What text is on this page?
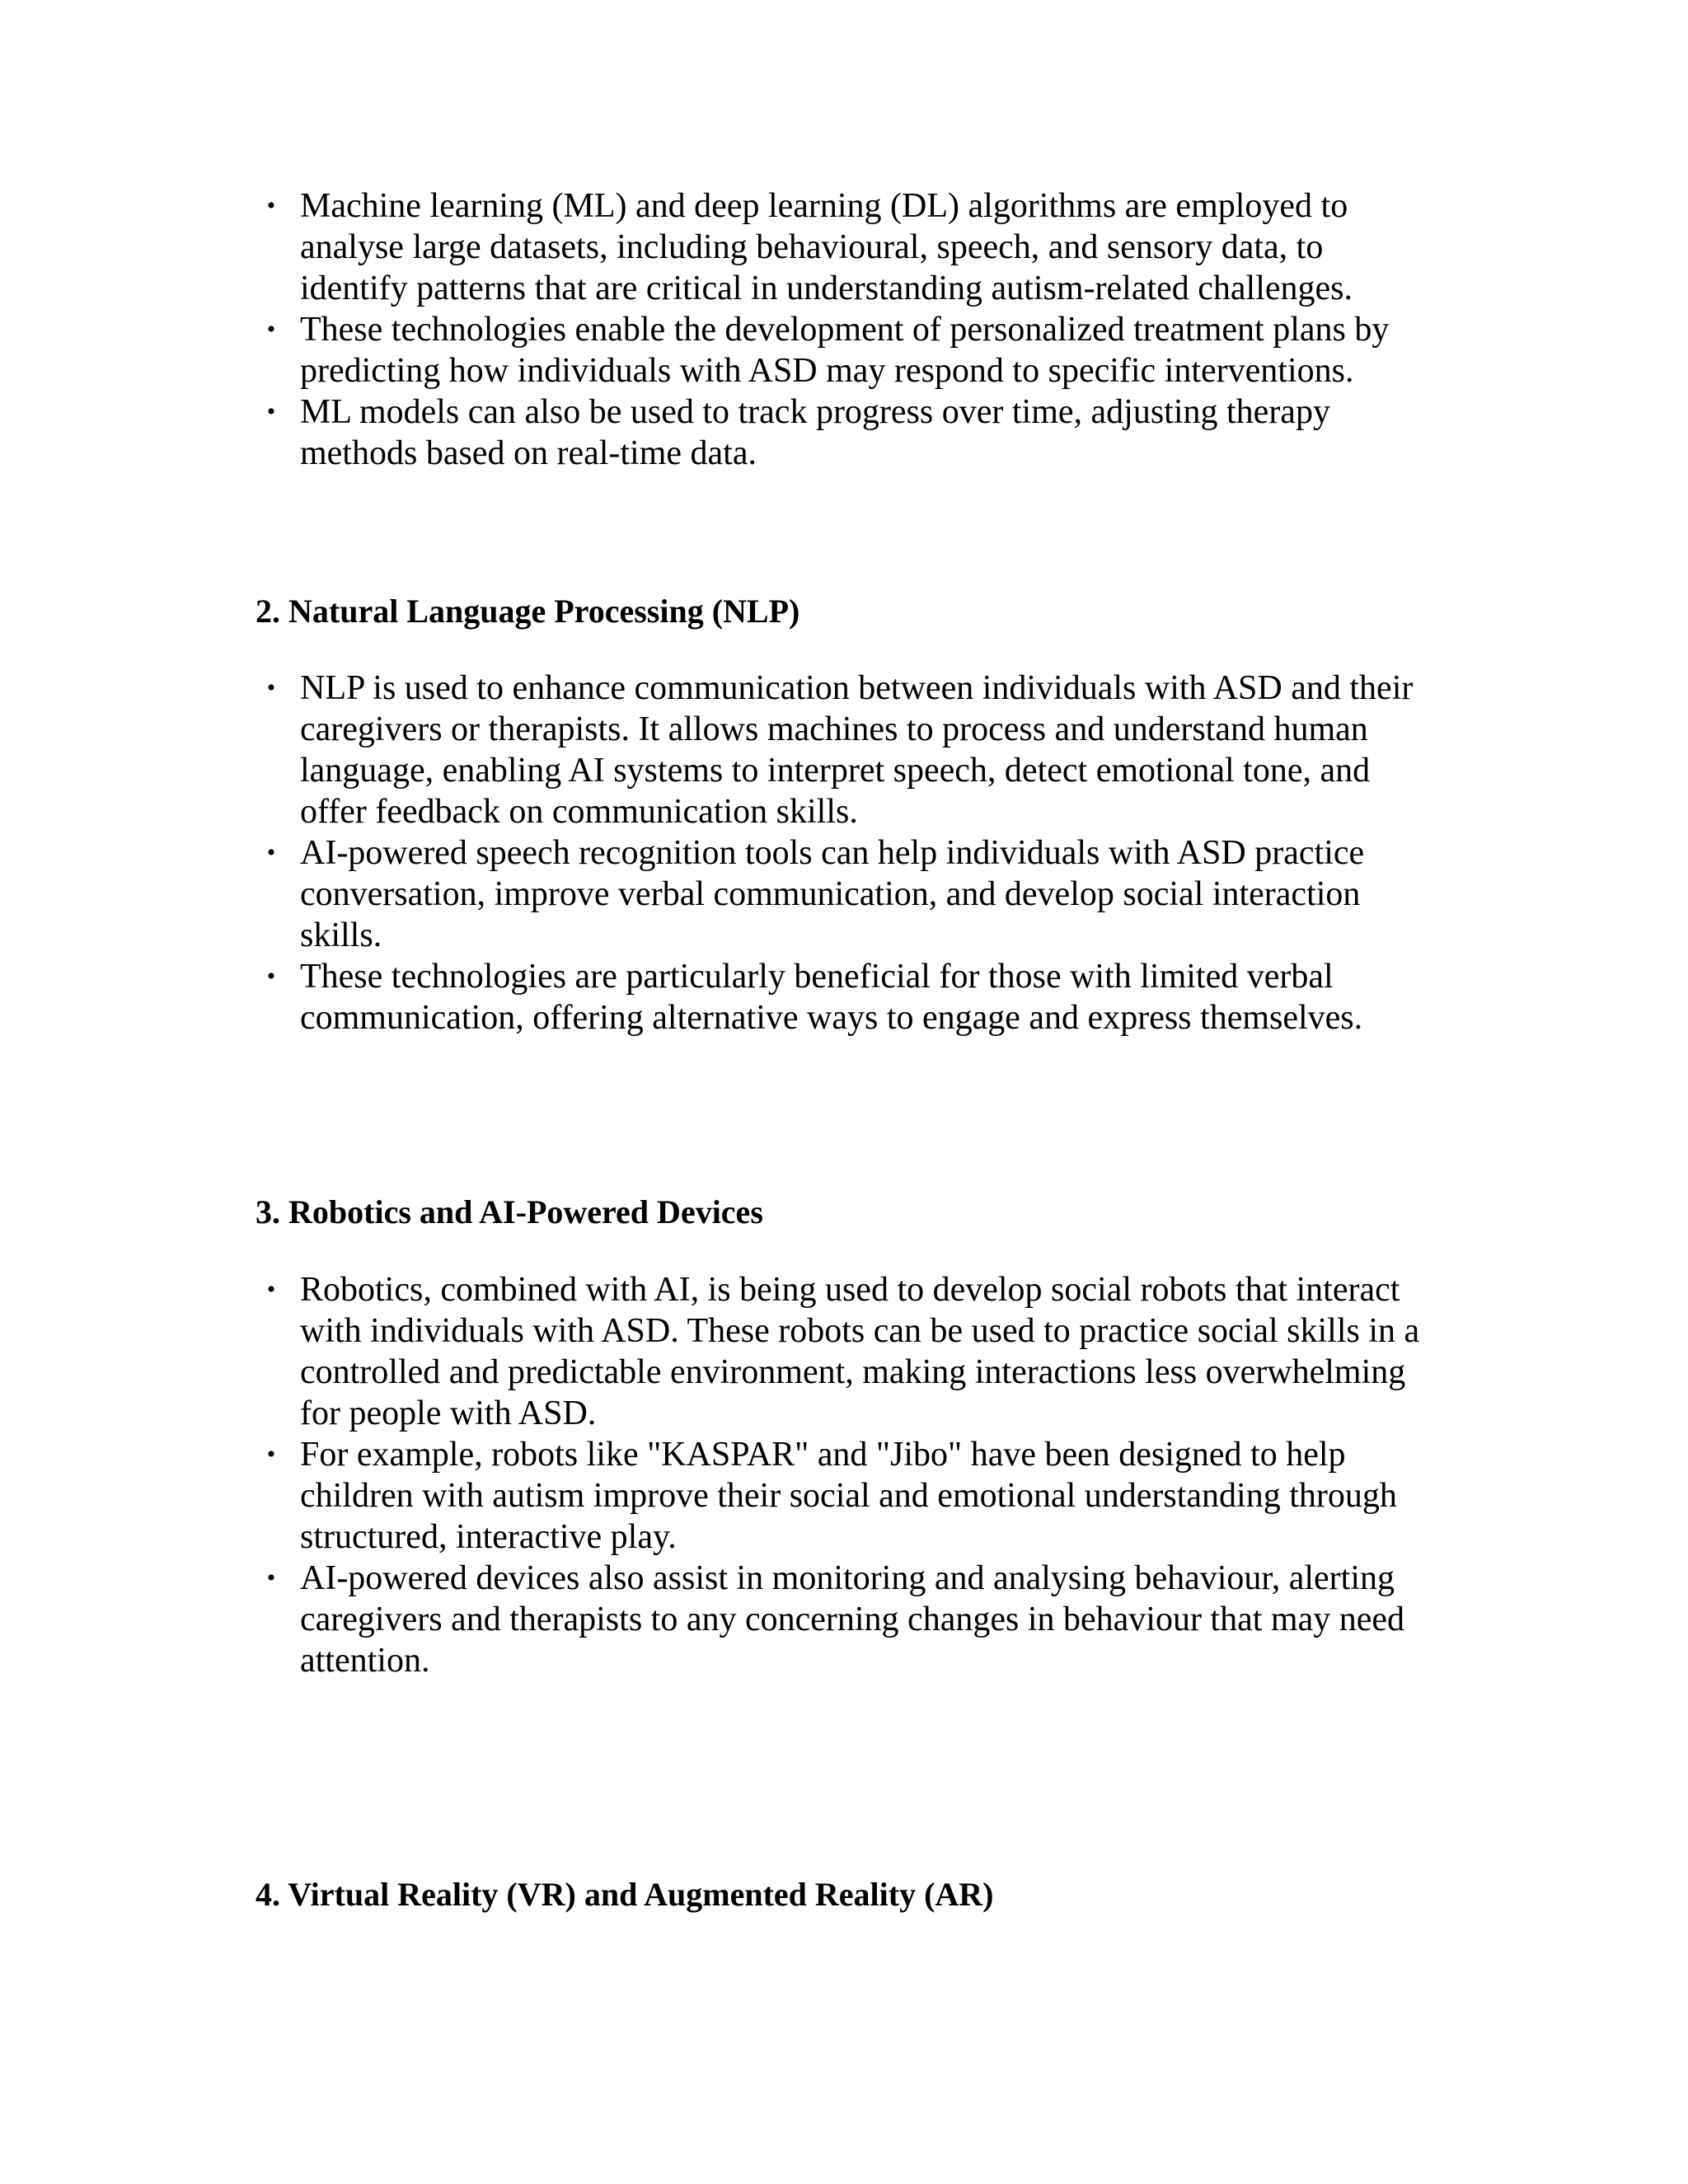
• Machine learning (ML) and deep learning (DL) algorithms are employed to analyse large datasets, including behavioural, speech, and sensory data, to identify patterns that are critical in understanding autism-related challenges.
• These technologies enable the development of personalized treatment plans by predicting how individuals with ASD may respond to specific interventions.
• ML models can also be used to track progress over time, adjusting therapy methods based on real-time data.
2. Natural Language Processing (NLP)
• NLP is used to enhance communication between individuals with ASD and their caregivers or therapists. It allows machines to process and understand human language, enabling AI systems to interpret speech, detect emotional tone, and offer feedback on communication skills.
• AI-powered speech recognition tools can help individuals with ASD practice conversation, improve verbal communication, and develop social interaction skills.
• These technologies are particularly beneficial for those with limited verbal communication, offering alternative ways to engage and express themselves.
3. Robotics and AI-Powered Devices
• Robotics, combined with AI, is being used to develop social robots that interact with individuals with ASD. These robots can be used to practice social skills in a controlled and predictable environment, making interactions less overwhelming for people with ASD.
• For example, robots like "KASPAR" and "Jibo" have been designed to help children with autism improve their social and emotional understanding through structured, interactive play.
• AI-powered devices also assist in monitoring and analysing behaviour, alerting caregivers and therapists to any concerning changes in behaviour that may need attention.
4. Virtual Reality (VR) and Augmented Reality (AR)
